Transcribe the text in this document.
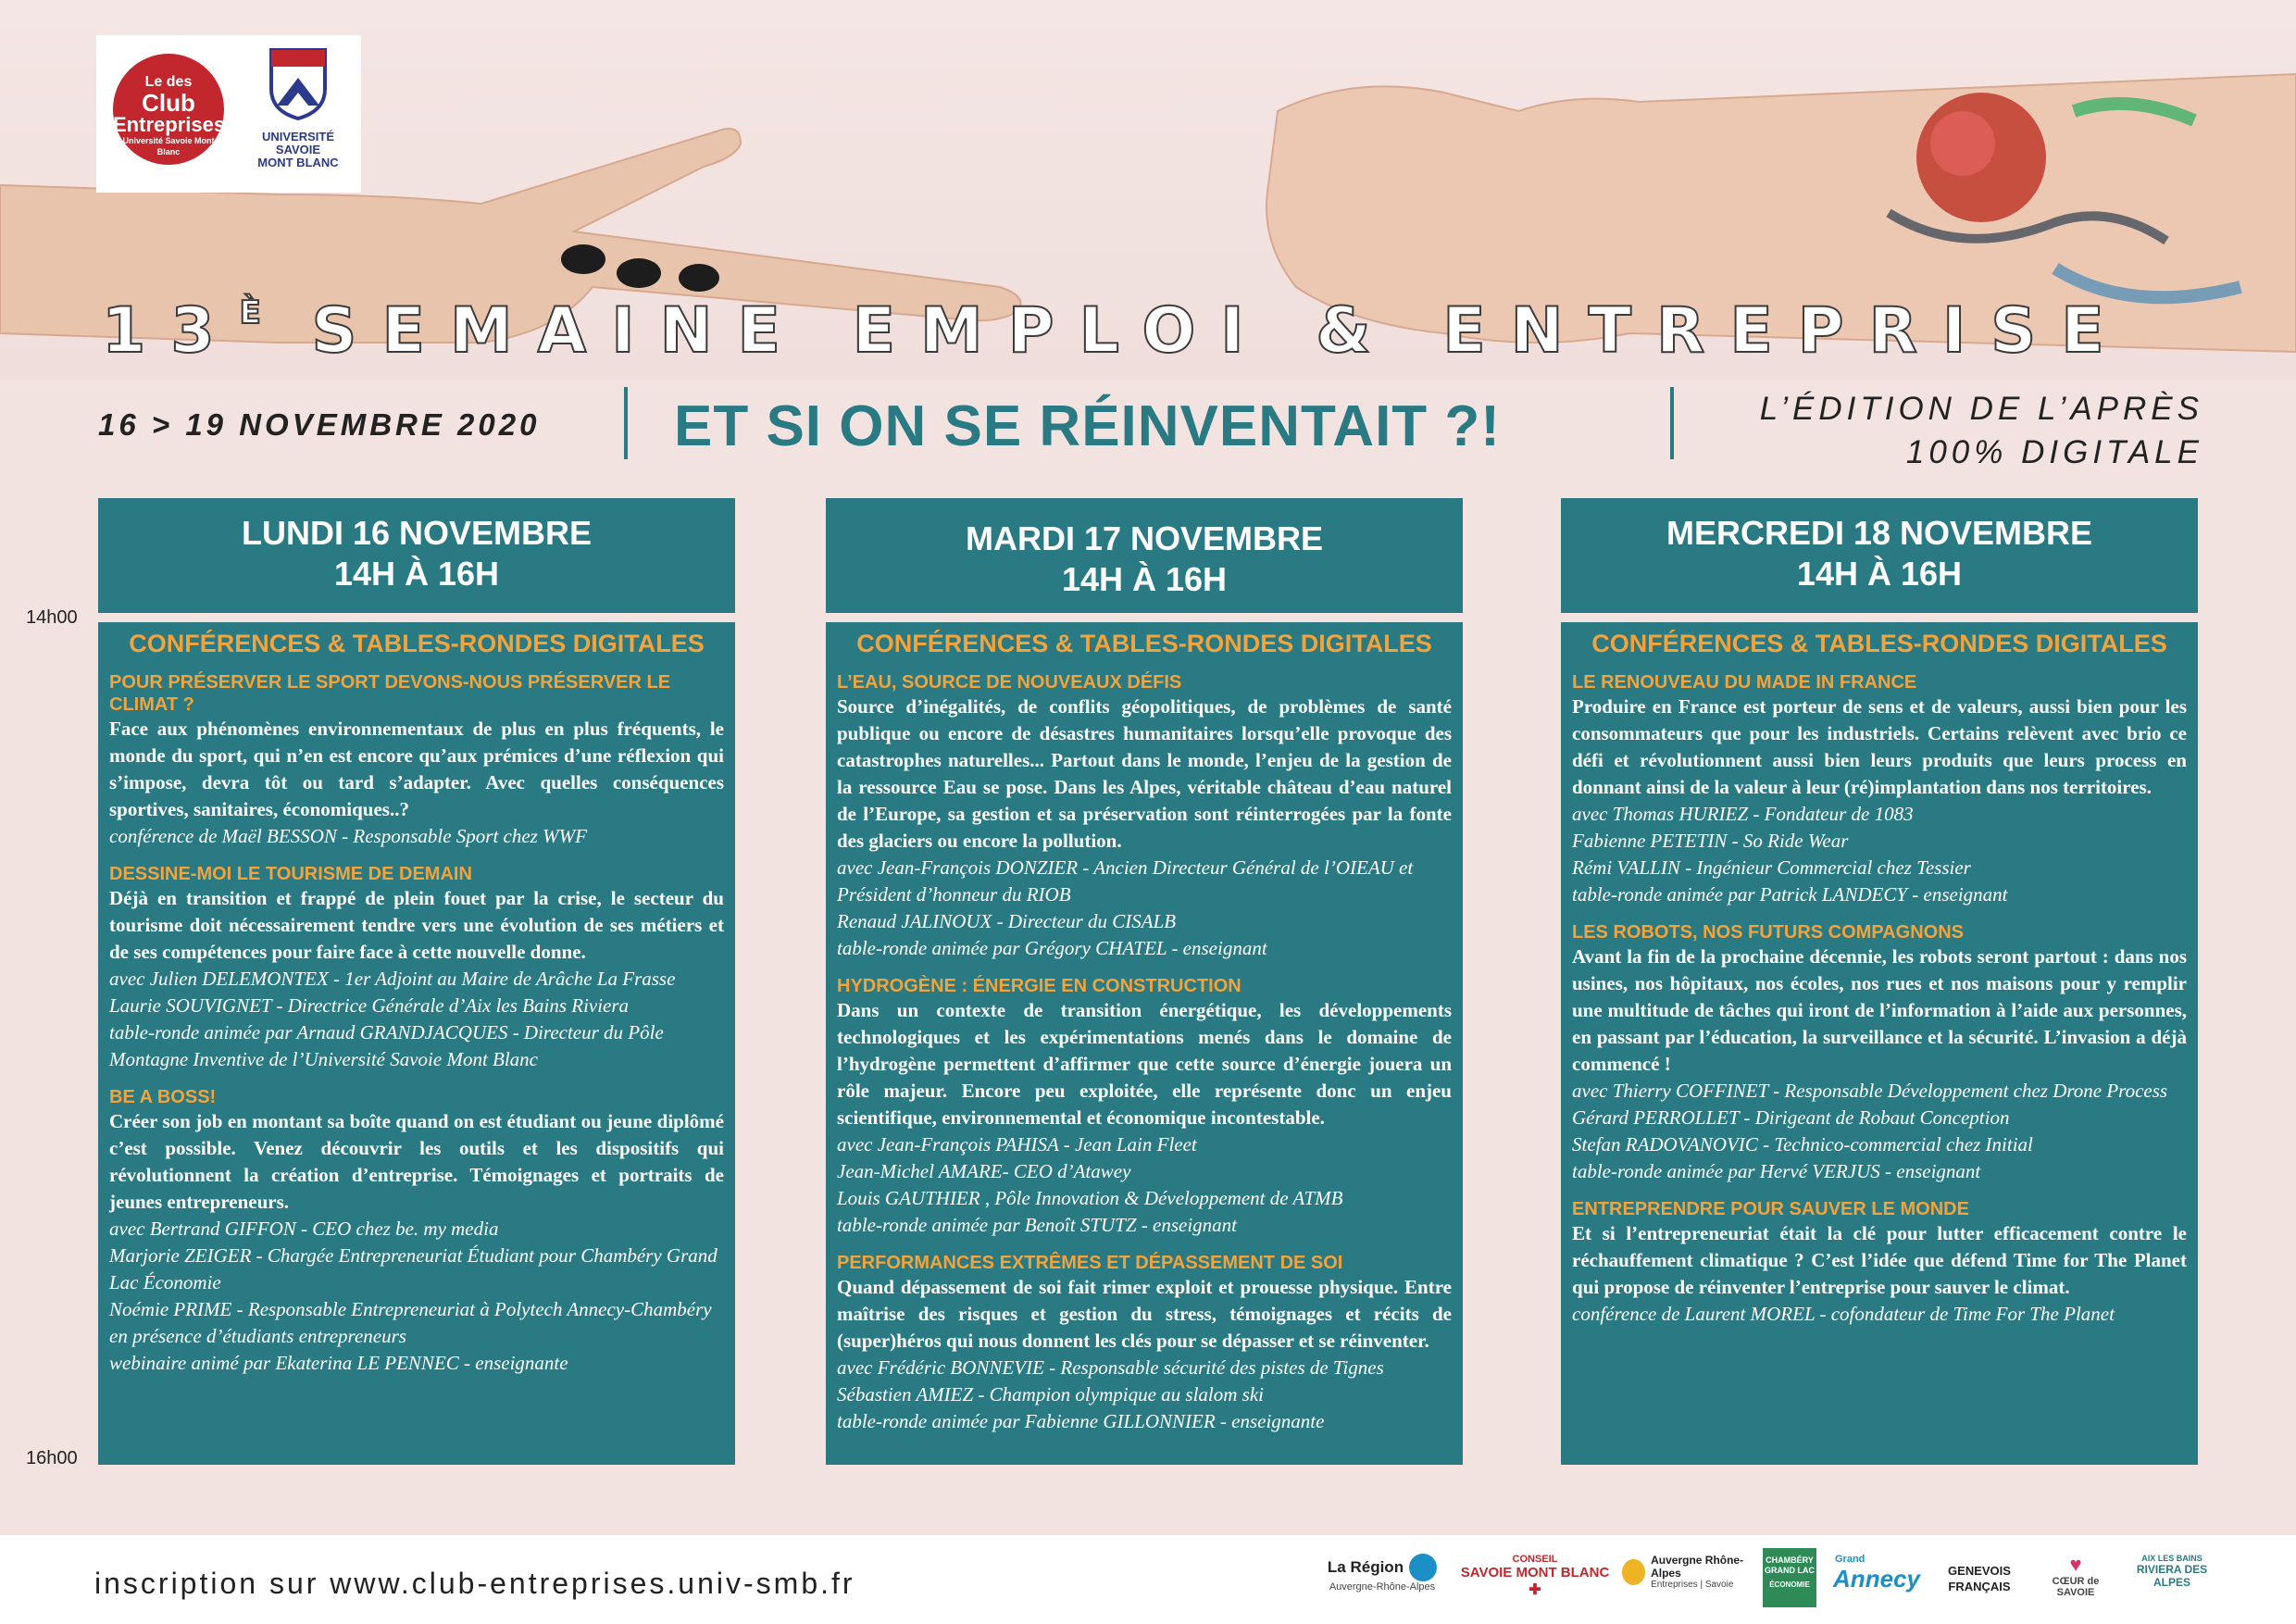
Le des
Club
Entreprises
Université Savoie Mont Blanc
UNIVERSITÉ
SAVOIE
MONT BLANC
$13^È$ SEMAINE EMPLOI & ENTREPRISE
16 > 19 NOVEMBRE 2020 ET SI ON SE RÉINVENTAIT ?!	L’ÉDITION DE L’APRÈS
100% DIGITALE
14h00
16h00
LUNDI 16 NOVEMBRE
14H À 16H
CONFÉRENCES & TABLES-RONDES DIGITALES
POUR PRÉSERVER LE SPORT DEVONS-NOUS PRÉSERVER LE CLIMAT ?
Face aux phénomènes environnementaux de plus en plus fréquents, le monde du sport, qui n’en est encore qu’aux prémices d’une réflexion qui s’impose, devra tôt ou tard s’adapter. Avec quelles conséquences sportives, sanitaires, économiques..?
conférence de Maël BESSON - Responsable Sport chez WWF
DESSINE-MOI LE TOURISME DE DEMAIN
Déjà en transition et frappé de plein fouet par la crise, le secteur du tourisme doit nécessairement tendre vers une évolution de ses métiers et de ses compétences pour faire face à cette nouvelle donne.
avec Julien DELEMONTEX - 1er Adjoint au Maire de Arâche La Frasse
Laurie SOUVIGNET - Directrice Générale d’Aix les Bains Riviera
table-ronde animée par Arnaud GRANDJACQUES - Directeur du Pôle Montagne Inventive de l’Université Savoie Mont Blanc
BE A BOSS!
Créer son job en montant sa boîte quand on est étudiant ou jeune diplômé c’est possible. Venez découvrir les outils et les dispositifs qui révolutionnent la création d’entreprise. Témoignages et portraits de jeunes entrepreneurs.
avec Bertrand GIFFON - CEO chez be. my media
Marjorie ZEIGER - Chargée Entrepreneuriat Étudiant pour Chambéry Grand Lac Économie
Noémie PRIME - Responsable Entrepreneuriat à Polytech Annecy-Chambéry en présence d’étudiants entrepreneurs
webinaire animé par Ekaterina LE PENNEC - enseignante
MARDI 17 NOVEMBRE
14H À 16H
CONFÉRENCES & TABLES-RONDES DIGITALES
L’EAU, SOURCE DE NOUVEAUX DÉFIS
Source d’inégalités, de conflits géopolitiques, de problèmes de santé publique ou encore de désastres humanitaires lorsqu’elle provoque des catastrophes naturelles... Partout dans le monde, l’enjeu de la gestion de la ressource Eau se pose. Dans les Alpes, véritable château d’eau naturel de l’Europe, sa gestion et sa préservation sont réinterrogées par la fonte des glaciers ou encore la pollution.
avec Jean-François DONZIER - Ancien Directeur Général de l’OIEAU et Président d’honneur du RIOB
Renaud JALINOUX - Directeur du CISALB
table-ronde animée par Grégory CHATEL - enseignant
HYDROGÈNE : ÉNERGIE EN CONSTRUCTION
Dans un contexte de transition énergétique, les développements technologiques et les expérimentations menés dans le domaine de l’hydrogène permettent d’affirmer que cette source d’énergie jouera un rôle majeur. Encore peu exploitée, elle représente donc un enjeu scientifique, environnemental et économique incontestable.
avec Jean-François PAHISA - Jean Lain Fleet
Jean-Michel AMARE- CEO d’Atawey
Louis GAUTHIER , Pôle Innovation & Développement de ATMB
table-ronde animée par Benoît STUTZ - enseignant
PERFORMANCES EXTRÊMES ET DÉPASSEMENT DE SOI
Quand dépassement de soi fait rimer exploit et prouesse physique. Entre maîtrise des risques et gestion du stress, témoignages et récits de (super)héros qui nous donnent les clés pour se dépasser et se réinventer.
avec Frédéric BONNEVIE - Responsable sécurité des pistes de Tignes
Sébastien AMIEZ - Champion olympique au slalom ski
table-ronde animée par Fabienne GILLONNIER - enseignante
MERCREDI 18 NOVEMBRE
14H À 16H
CONFÉRENCES & TABLES-RONDES DIGITALES
LE RENOUVEAU DU MADE IN FRANCE
Produire en France est porteur de sens et de valeurs, aussi bien pour les consommateurs que pour les industriels. Certains relèvent avec brio ce défi et révolutionnent aussi bien leurs produits que leurs process en donnant ainsi de la valeur à leur (ré)implantation dans nos territoires.
avec Thomas HURIEZ - Fondateur de 1083
Fabienne PETETIN - So Ride Wear
Rémi VALLIN - Ingénieur Commercial chez Tessier
table-ronde animée par Patrick LANDECY - enseignant
LES ROBOTS, NOS FUTURS COMPAGNONS
Avant la fin de la prochaine décennie, les robots seront partout : dans nos usines, nos hôpitaux, nos écoles, nos rues et nos maisons pour y remplir une multitude de tâches qui iront de l’information à l’aide aux personnes, en passant par l’éducation, la surveillance et la sécurité. L’invasion a déjà commencé !
avec Thierry COFFINET - Responsable Développement chez Drone Process
Gérard PERROLLET - Dirigeant de Robaut Conception
Stefan RADOVANOVIC - Technico-commercial chez Initial
table-ronde animée par Hervé VERJUS - enseignant
ENTREPRENDRE POUR SAUVER LE MONDE
Et si l’entrepreneuriat était la clé pour lutter efficacement contre le réchauffement climatique ? C’est l’idée que défend Time for The Planet qui propose de réinventer l’entreprise pour sauver le climat.
conférence de Laurent MOREL - cofondateur de Time For The Planet
inscription sur www.club-entreprises.univ-smb.fr	La Région
Auvergne-Rhône-Alpes
CONSEIL
SAVOIE MONT BLANC
✚
Auvergne Rhône-Alpes
Entreprises | Savoie
CHAMBÉRY GRAND LAC
ÉCONOMIE
Grand
Annecy	GENEVOIS FRANÇAIS
♥
CŒUR de SAVOIE
AIX LES BAINS
RIVIERA DES ALPES
